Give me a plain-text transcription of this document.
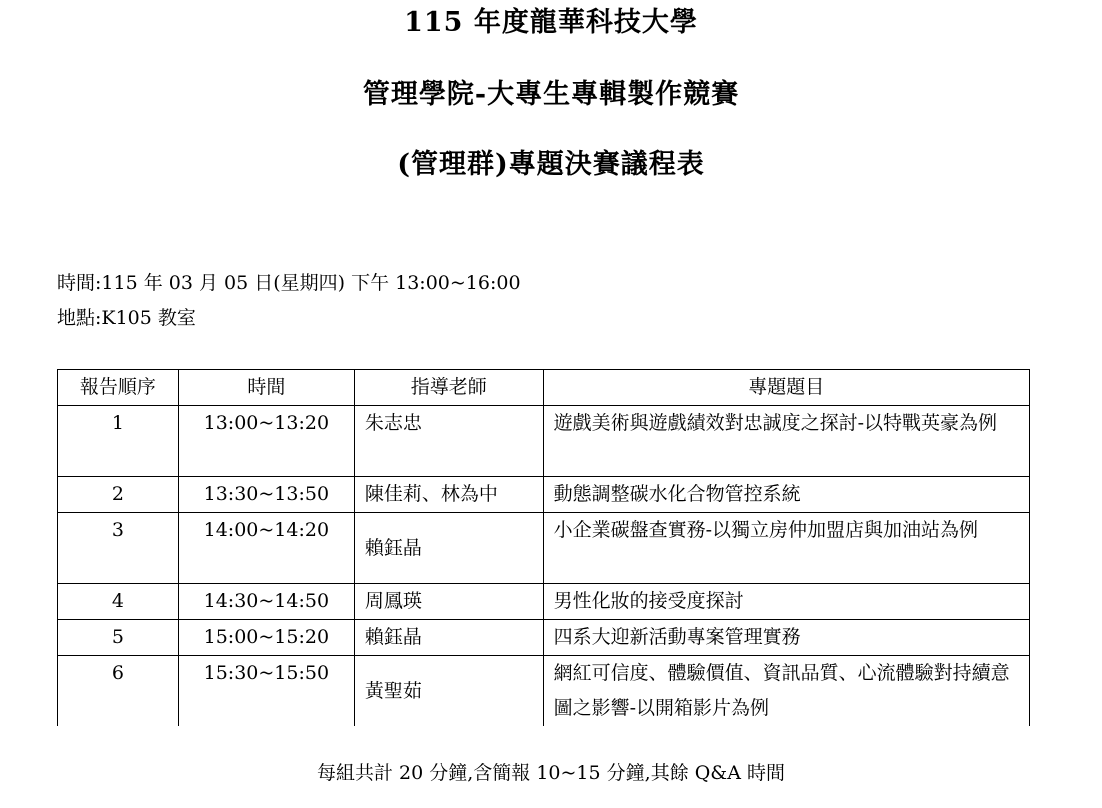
115 年度龍華科技大學
管理學院-大專生專輯製作競賽
(管理群)專題決賽議程表
時間:115 年 03 月 05 日(星期四) 下午 13:00~16:00
地點:K105 教室
報告順序	時間	指導老師	專題題目
1	13:00~13:20	朱志忠	遊戲美術與遊戲績效對忠誠度之探討-以特戰英豪為例
2	13:30~13:50	陳佳莉、林為中	動態調整碳水化合物管控系統
3	14:00~14:20	賴鈺晶	小企業碳盤查實務-以獨立房仲加盟店與加油站為例
4	14:30~14:50	周鳳瑛	男性化妝的接受度探討
5	15:00~15:20	賴鈺晶	四系大迎新活動專案管理實務
6	15:30~15:50	黃聖茹	網紅可信度、體驗價值、資訊品質、心流體驗對持續意圖之影響-以開箱影片為例
每組共計 20 分鐘,含簡報 10~15 分鐘,其餘 Q&A 時間
